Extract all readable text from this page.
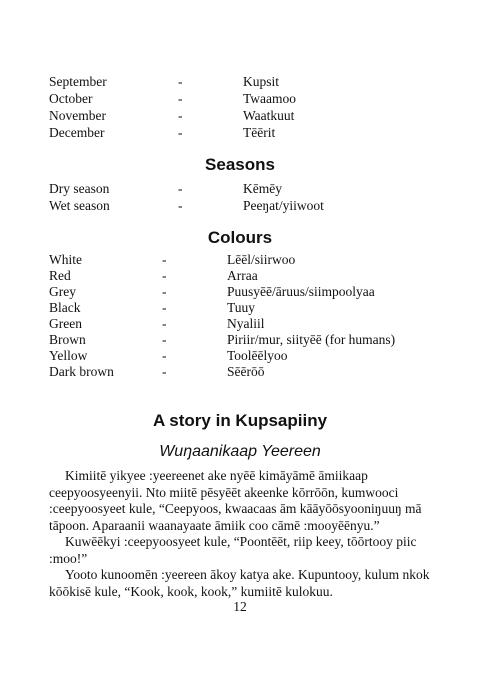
September	-	Kupsit
October	-	Twaamoo
November	-	Waatkuut
December	-	Tēērit
Seasons
Dry season	-	Kēmēy
Wet season	-	Peeŋat/yiiwoot
Colours
White	-	Lēēl/siirwoo
Red	-	Arraa
Grey	-	Puusyēē/āruus/siimpoolyaa
Black	-	Tuuy
Green	-	Nyaliil
Brown	-	Piriir/mur, siityēē (for humans)
Yellow	-	Toolēēlyoo
Dark brown	-	Sēērōō
A story in Kupsapiiny
Wuŋaanikaap Yeereen

Kimiitē yikyee :yeereenet ake nyēē kimāyāmē āmiikaap ceepyoosyeenyii. Nto miitē pēsyēēt akeenke kōrrōōn, kumwooci :ceepyoosyeet kule, “Ceepyoos, kwaacaas ām kāāyōōsyooniŋuuŋ mā tāpoon. Aparaanii waanayaate āmiik coo cāmē :mooyēēnyu.”

Kuwēēkyi :ceepyoosyeet kule, “Poontēēt, riip keey, tōōrtooy piic :moo!”

Yooto kunoomēn :yeereen ākoy katya ake. Kupuntooy, kulum nkok kōōkisē kule, “Kook, kook, kook,” kumiitē kulokuu.

12
